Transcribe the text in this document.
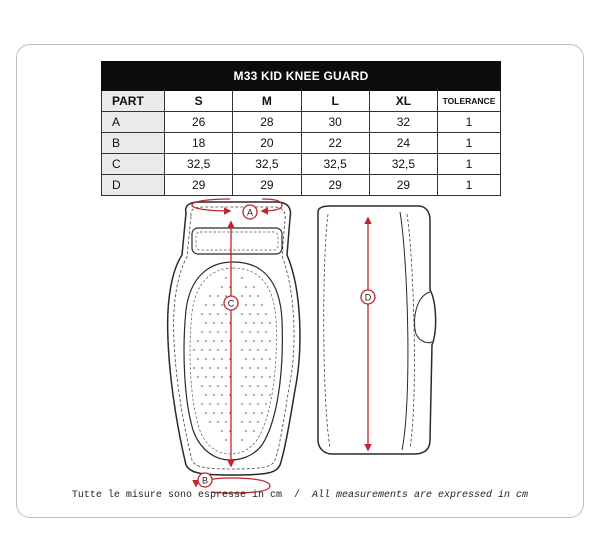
M33 KID KNEE GUARD					
PART	S	M	L	XL	TOLERANCE
A	26	28	30	32	1
B	18	20	22	24	1
C	32,5	32,5	32,5	32,5	1
D	29	29	29	29	1
A
C
B
D
Tutte le misure sono espresse in cm / All measurements are expressed in cm
